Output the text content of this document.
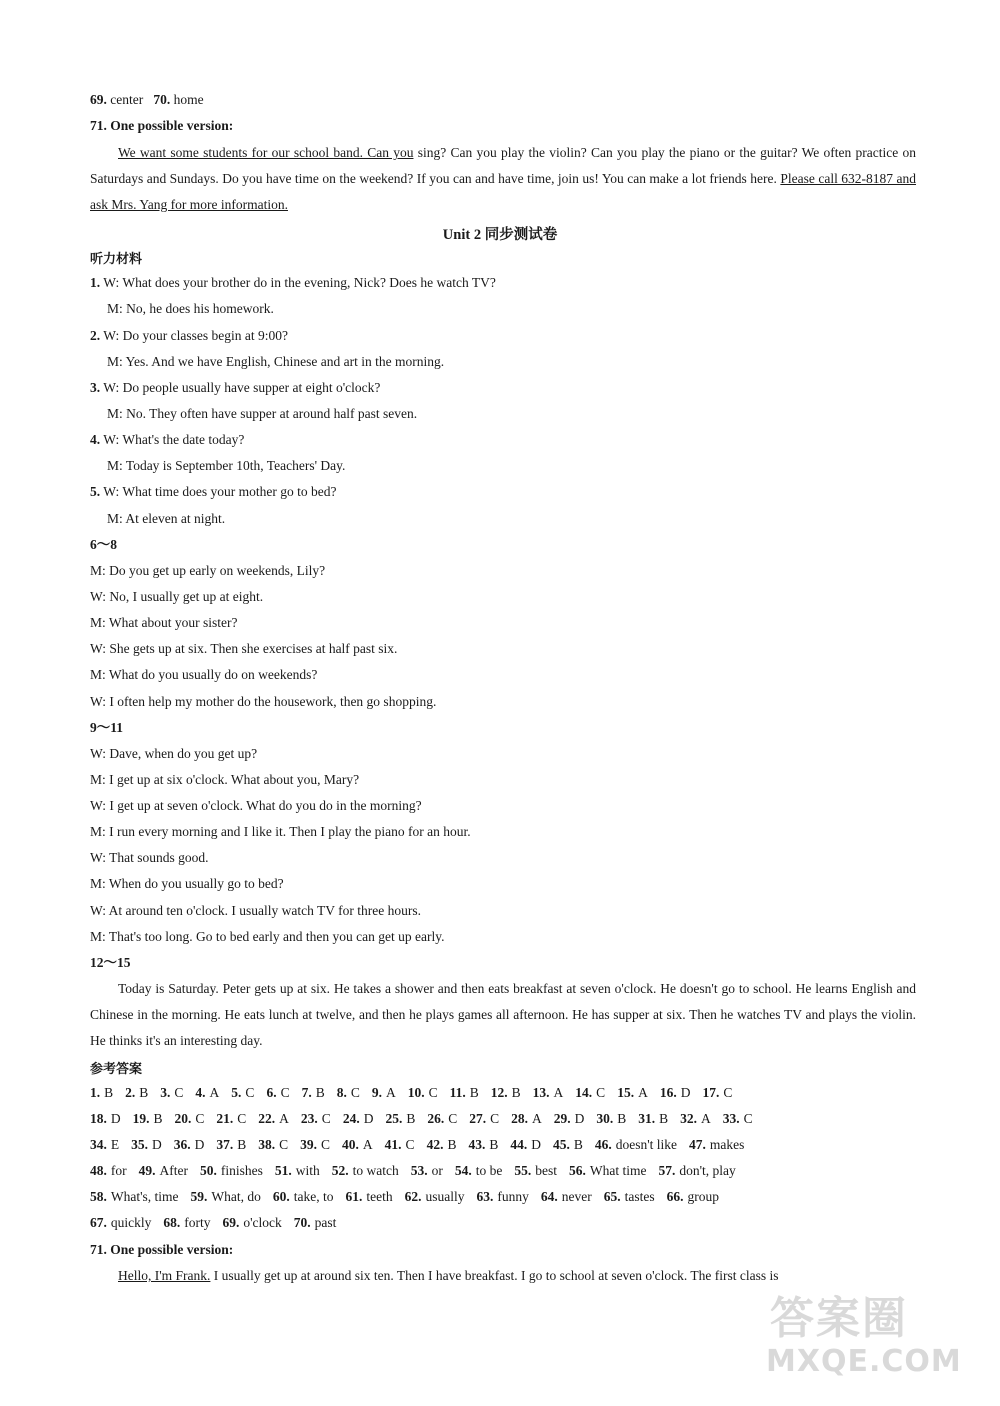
69. center 70. home
71. One possible version:
We want some students for our school band. Can you sing? Can you play the violin? Can you play the piano or the guitar? We often practice on Saturdays and Sundays. Do you have time on the weekend? If you can and have time, join us! You can make a lot friends here. Please call 632-8187 and ask Mrs. Yang for more information.
Unit 2 同步测试卷
听力材料
1. W: What does your brother do in the evening, Nick? Does he watch TV?
M: No, he does his homework.
2. W: Do your classes begin at 9:00?
M: Yes. And we have English, Chinese and art in the morning.
3. W: Do people usually have supper at eight o'clock?
M: No. They often have supper at around half past seven.
4. W: What's the date today?
M: Today is September 10th, Teachers' Day.
5. W: What time does your mother go to bed?
M: At eleven at night.
6～8
M: Do you get up early on weekends, Lily?
W: No, I usually get up at eight.
M: What about your sister?
W: She gets up at six. Then she exercises at half past six.
M: What do you usually do on weekends?
W: I often help my mother do the housework, then go shopping.
9～11
W: Dave, when do you get up?
M: I get up at six o'clock. What about you, Mary?
W: I get up at seven o'clock. What do you do in the morning?
M: I run every morning and I like it. Then I play the piano for an hour.
W: That sounds good.
M: When do you usually go to bed?
W: At around ten o'clock. I usually watch TV for three hours.
M: That's too long. Go to bed early and then you can get up early.
12～15
Today is Saturday. Peter gets up at six. He takes a shower and then eats breakfast at seven o'clock. He doesn't go to school. He learns English and Chinese in the morning. He eats lunch at twelve, and then he plays games all afternoon. He has supper at six. Then he watches TV and plays the violin. He thinks it's an interesting day.
参考答案
1. B 2. B 3. C 4. A 5. C 6. C 7. B 8. C 9. A 10. C 11. B 12. B 13. A 14. C 15. A 16. D 17. C
18. D 19. B 20. C 21. C 22. A 23. C 24. D 25. B 26. C 27. C 28. A 29. D 30. B 31. B 32. A 33. C
34. E 35. D 36. D 37. B 38. C 39. C 40. A 41. C 42. B 43. B 44. D 45. B 46. doesn't like 47. makes
48. for 49. After 50. finishes 51. with 52. to watch 53. or 54. to be 55. best 56. What time 57. don't, play
58. What's, time 59. What, do 60. take, to 61. teeth 62. usually 63. funny 64. never 65. tastes 66. group
67. quickly 68. forty 69. o'clock 70. past
71. One possible version:
Hello, I'm Frank. I usually get up at around six ten. Then I have breakfast. I go to school at seven o'clock. The first class is
答案圈
MXQE.COM
